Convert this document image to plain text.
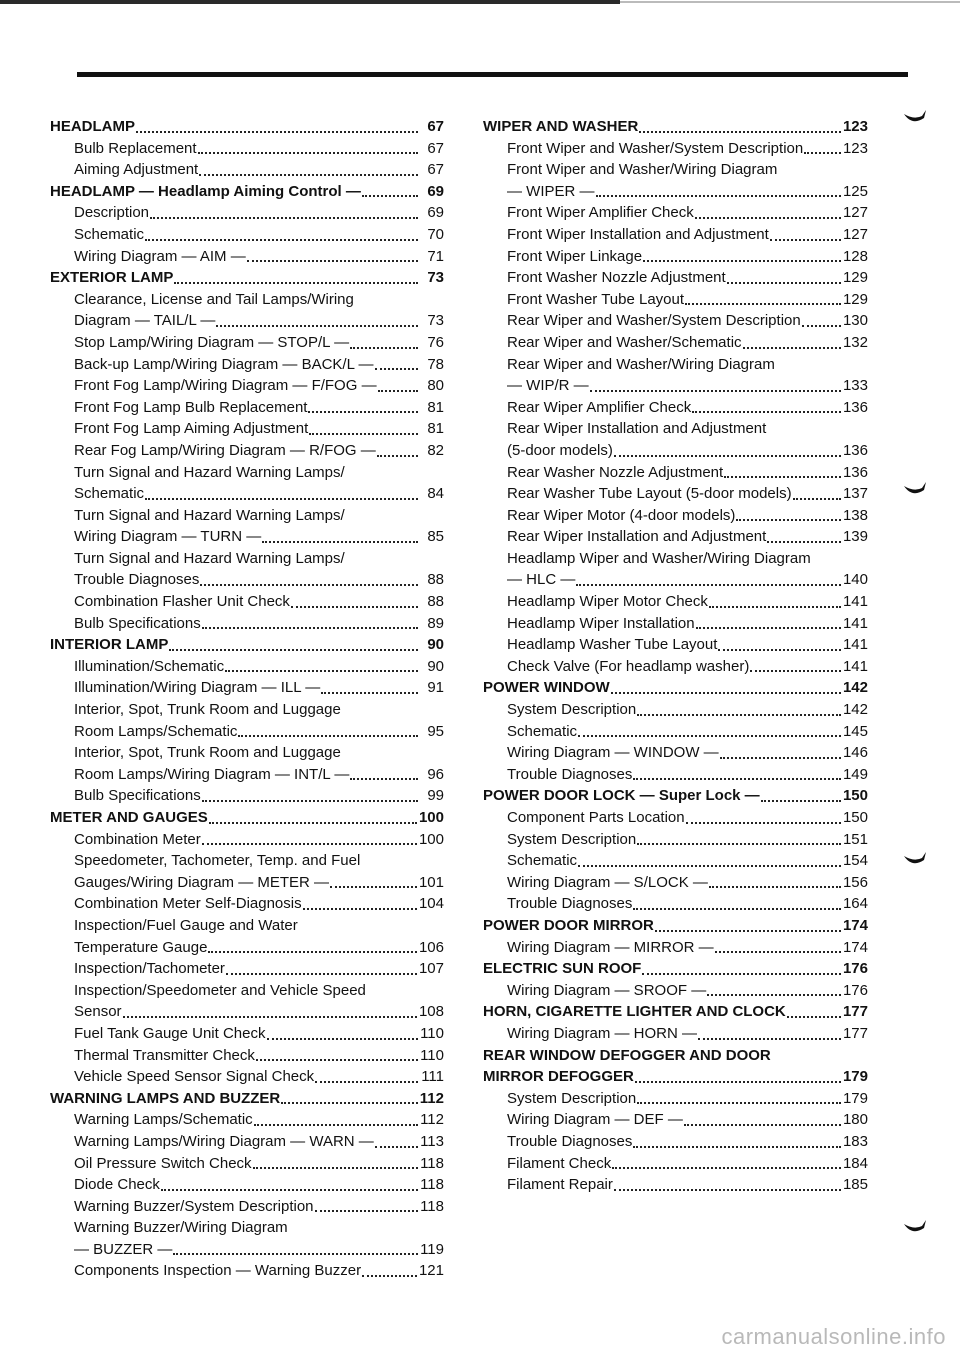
HEADLAMP	67
Bulb Replacement	67
Aiming Adjustment	67
HEADLAMP — Headlamp Aiming Control —	69
Description	69
Schematic	70
Wiring Diagram — AIM —	71
EXTERIOR LAMP	73
Clearance, License and Tail Lamps/Wiring
Diagram — TAIL/L —	73
Stop Lamp/Wiring Diagram — STOP/L —	76
Back-up Lamp/Wiring Diagram — BACK/L —	78
Front Fog Lamp/Wiring Diagram — F/FOG —	80
Front Fog Lamp Bulb Replacement	81
Front Fog Lamp Aiming Adjustment	81
Rear Fog Lamp/Wiring Diagram — R/FOG —	82
Turn Signal and Hazard Warning Lamps/
Schematic	84
Turn Signal and Hazard Warning Lamps/
Wiring Diagram — TURN —	85
Turn Signal and Hazard Warning Lamps/
Trouble Diagnoses	88
Combination Flasher Unit Check	88
Bulb Specifications	89
INTERIOR LAMP	90
Illumination/Schematic	90
Illumination/Wiring Diagram — ILL —	91
Interior, Spot, Trunk Room and Luggage
Room Lamps/Schematic	95
Interior, Spot, Trunk Room and Luggage
Room Lamps/Wiring Diagram — INT/L —	96
Bulb Specifications	99
METER AND GAUGES	100
Combination Meter	100
Speedometer, Tachometer, Temp. and Fuel
Gauges/Wiring Diagram — METER —	101
Combination Meter Self-Diagnosis	104
Inspection/Fuel Gauge and Water
Temperature Gauge	106
Inspection/Tachometer	107
Inspection/Speedometer and Vehicle Speed
Sensor	108
Fuel Tank Gauge Unit Check	110
Thermal Transmitter Check	110
Vehicle Speed Sensor Signal Check	111
WARNING LAMPS AND BUZZER	112
Warning Lamps/Schematic	112
Warning Lamps/Wiring Diagram — WARN —	113
Oil Pressure Switch Check	118
Diode Check	118
Warning Buzzer/System Description	118
Warning Buzzer/Wiring Diagram
— BUZZER —	119
Components Inspection — Warning Buzzer	121
WIPER AND WASHER	123
Front Wiper and Washer/System Description	123
Front Wiper and Washer/Wiring Diagram
— WIPER —	125
Front Wiper Amplifier Check	127
Front Wiper Installation and Adjustment	127
Front Wiper Linkage	128
Front Washer Nozzle Adjustment	129
Front Washer Tube Layout	129
Rear Wiper and Washer/System Description	130
Rear Wiper and Washer/Schematic	132
Rear Wiper and Washer/Wiring Diagram
— WIP/R —	133
Rear Wiper Amplifier Check	136
Rear Wiper Installation and Adjustment
(5-door models)	136
Rear Washer Nozzle Adjustment	136
Rear Washer Tube Layout (5-door models)	137
Rear Wiper Motor (4-door models)	138
Rear Wiper Installation and Adjustment	139
Headlamp Wiper and Washer/Wiring Diagram
— HLC —	140
Headlamp Wiper Motor Check	141
Headlamp Wiper Installation	141
Headlamp Washer Tube Layout	141
Check Valve (For headlamp washer)	141
POWER WINDOW	142
System Description	142
Schematic	145
Wiring Diagram — WINDOW —	146
Trouble Diagnoses	149
POWER DOOR LOCK — Super Lock —	150
Component Parts Location	150
System Description	151
Schematic	154
Wiring Diagram — S/LOCK —	156
Trouble Diagnoses	164
POWER DOOR MIRROR	174
Wiring Diagram — MIRROR —	174
ELECTRIC SUN ROOF	176
Wiring Diagram — SROOF —	176
HORN, CIGARETTE LIGHTER AND CLOCK	177
Wiring Diagram — HORN —	177
REAR WINDOW DEFOGGER AND DOOR
MIRROR DEFOGGER	179
System Description	179
Wiring Diagram — DEF —	180
Trouble Diagnoses	183
Filament Check	184
Filament Repair	185
carmanualsonline.info
